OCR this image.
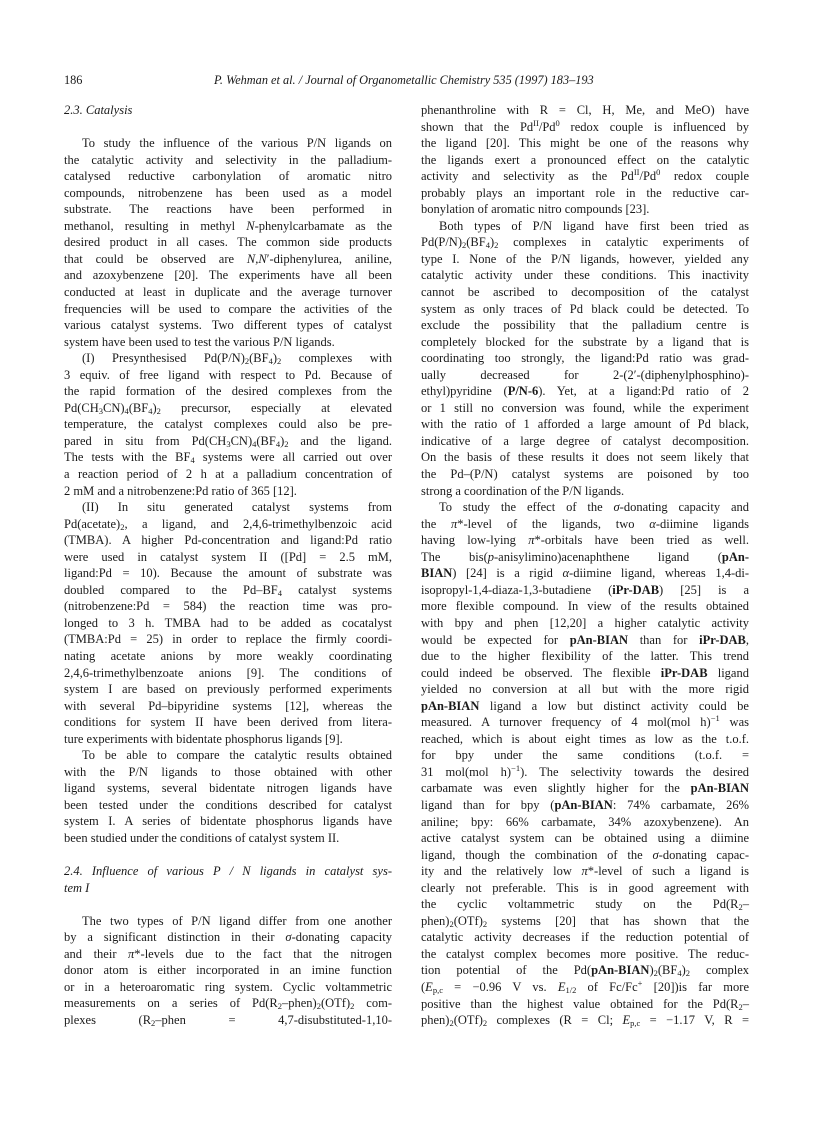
186	P. Wehman et al. / Journal of Organometallic Chemistry 535 (1997) 183–193

2.3. Catalysis

To study the influence of the various P/N ligands on
the catalytic activity and selectivity in the palladium-
catalysed reductive carbonylation of aromatic nitro
compounds, nitrobenzene has been used as a model
substrate. The reactions have been performed in
methanol, resulting in methyl N-phenylcarbamate as the
desired product in all cases. The common side products
that could be observed are N,N′-diphenylurea, aniline,
and azoxybenzene [20]. The experiments have all been
conducted at least in duplicate and the average turnover
frequencies will be used to compare the activities of the
various catalyst systems. Two different types of catalyst
system have been used to test the various P/N ligands.
(I) Presynthesised $Pd(P/N)_2(BF_4)_2$ complexes with
3 equiv. of free ligand with respect to Pd. Because of
the rapid formation of the desired complexes from the
$Pd(CH_3CN)_4(BF_4)_2$ precursor, especially at elevated
temperature, the catalyst complexes could also be pre-
pared in situ from $Pd(CH_3CN)_4(BF_4)_2$ and the ligand.
The tests with the $BF_4$ systems were all carried out over
a reaction period of 2 h at a palladium concentration of
2 mM and a nitrobenzene:Pd ratio of 365 [12].
(II) In situ generated catalyst systems from
$Pd(acetate)_2$, a ligand, and 2,4,6-trimethylbenzoic acid
(TMBA). A higher Pd-concentration and ligand:Pd ratio
were used in catalyst system II ([Pd] = 2.5 mM,
ligand:Pd = 10). Because the amount of substrate was
doubled compared to the $Pd-BF_4$ catalyst systems
(nitrobenzene:Pd = 584) the reaction time was pro-
longed to 3 h. TMBA had to be added as cocatalyst
(TMBA:Pd = 25) in order to replace the firmly coordi-
nating acetate anions by more weakly coordinating
2,4,6-trimethylbenzoate anions [9]. The conditions of
system I are based on previously performed experiments
with several Pd–bipyridine systems [12], whereas the
conditions for system II have been derived from litera-
ture experiments with bidentate phosphorus ligands [9].
To be able to compare the catalytic results obtained
with the P/N ligands to those obtained with other
ligand systems, several bidentate nitrogen ligands have
been tested under the conditions described for catalyst
system I. A series of bidentate phosphorus ligands have
been studied under the conditions of catalyst system II.

2.4. Influence of various P / N ligands in catalyst sys-
tem I

The two types of P/N ligand differ from one another
by a significant distinction in their σ-donating capacity
and their π*-levels due to the fact that the nitrogen
donor atom is either incorporated in an imine function
or in a heteroaromatic ring system. Cyclic voltammetric
measurements on a series of $Pd(R_2-phen)_2(OTf)_2$ com-
plexes ($R_2$–phen = 4,7-disubstituted-1,10-
phenanthroline with R = Cl, H, Me, and MeO) have
shown that the $Pd^{II}/Pd^0$ redox couple is influenced by
the ligand [20]. This might be one of the reasons why
the ligands exert a pronounced effect on the catalytic
activity and selectivity as the $Pd^{II}/Pd^0$ redox couple
probably plays an important role in the reductive car-
bonylation of aromatic nitro compounds [23].
Both types of P/N ligand have first been tried as
$Pd(P/N)_2(BF_4)_2$ complexes in catalytic experiments of
type I. None of the P/N ligands, however, yielded any
catalytic activity under these conditions. This inactivity
cannot be ascribed to decomposition of the catalyst
system as only traces of Pd black could be detected. To
exclude the possibility that the palladium centre is
completely blocked for the substrate by a ligand that is
coordinating too strongly, the ligand:Pd ratio was grad-
ually decreased for 2-(2′-(diphenylphosphino)-
ethyl)pyridine (P/N-6). Yet, at a ligand:Pd ratio of 2
or 1 still no conversion was found, while the experiment
with the ratio of 1 afforded a large amount of Pd black,
indicative of a large degree of catalyst decomposition.
On the basis of these results it does not seem likely that
the Pd–(P/N) catalyst systems are poisoned by too
strong a coordination of the P/N ligands.
To study the effect of the σ-donating capacity and
the π*-level of the ligands, two α-diimine ligands
having low-lying π*-orbitals have been tried as well.
The bis(p-anisylimino)acenaphthene ligand (pAn-
BIAN) [24] is a rigid α-diimine ligand, whereas 1,4-di-
isopropyl-1,4-diaza-1,3-butadiene (iPr-DAB) [25] is a
more flexible compound. In view of the results obtained
with bpy and phen [12,20] a higher catalytic activity
would be expected for pAn-BIAN than for iPr-DAB,
due to the higher flexibility of the latter. This trend
could indeed be observed. The flexible iPr-DAB ligand
yielded no conversion at all but with the more rigid
pAn-BIAN ligand a low but distinct activity could be
measured. A turnover frequency of 4 mol(mol h)$^{-1}$ was
reached, which is about eight times as low as the t.o.f.
for bpy under the same conditions (t.o.f. =
31 mol(mol h)$^{-1}$). The selectivity towards the desired
carbamate was even slightly higher for the pAn-BIAN
ligand than for bpy (pAn-BIAN: 74% carbamate, 26%
aniline; bpy: 66% carbamate, 34% azoxybenzene). An
active catalyst system can be obtained using a diimine
ligand, though the combination of the σ-donating capac-
ity and the relatively low π*-level of such a ligand is
clearly not preferable. This is in good agreement with
the cyclic voltammetric study on the $Pd(R_2-$
$phen)_2(OTf)_2$ systems [20] that has shown that the
catalytic activity decreases if the reduction potential of
the catalyst complex becomes more positive. The reduc-
tion potential of the $Pd(pAn-BIAN)_2(BF_4)_2$ complex
($E_{p,c} = -0.96$ V vs. $E_{1/2}$ of Fc/Fc+ [20])is far more
positive than the highest value obtained for the $Pd(R_2-$
$phen)_2(OTf)_2$ complexes (R = Cl; $E_{p,c} = -1.17$ V, R =
